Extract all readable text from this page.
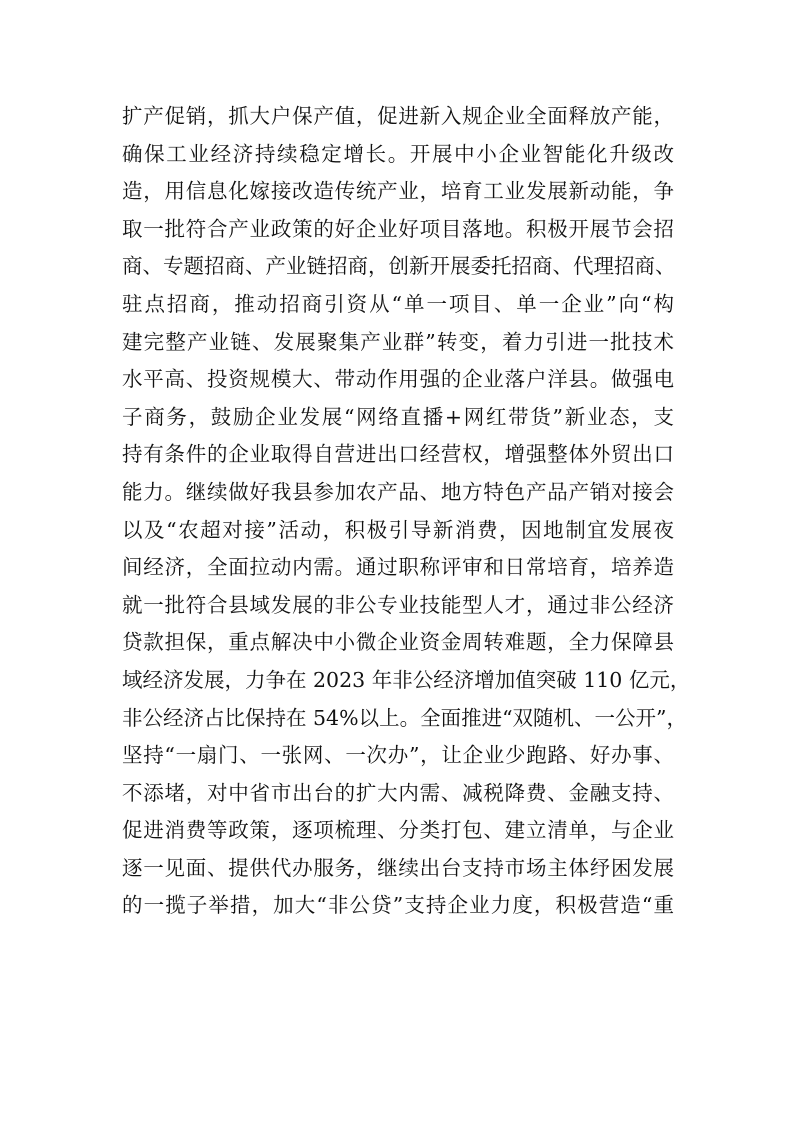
扩产促销，抓大户保产值，促进新入规企业全面释放产能，
确保工业经济持续稳定增长。开展中小企业智能化升级改
造，用信息化嫁接改造传统产业，培育工业发展新动能，争
取一批符合产业政策的好企业好项目落地。积极开展节会招
商、专题招商、产业链招商，创新开展委托招商、代理招商、
驻点招商，推动招商引资从“单一项目、单一企业”向“构
建完整产业链、发展聚集产业群”转变，着力引进一批技术
水平高、投资规模大、带动作用强的企业落户洋县。做强电
子商务，鼓励企业发展“网络直播+网红带货”新业态，支
持有条件的企业取得自营进出口经营权，增强整体外贸出口
能力。继续做好我县参加农产品、地方特色产品产销对接会
以及“农超对接”活动，积极引导新消费，因地制宜发展夜
间经济，全面拉动内需。通过职称评审和日常培育，培养造
就一批符合县域发展的非公专业技能型人才，通过非公经济
贷款担保，重点解决中小微企业资金周转难题，全力保障县
域经济发展，力争在 2023 年非公经济增加值突破 110 亿元，
非公经济占比保持在 54%以上。全面推进“双随机、一公开”，
坚持“一扇门、一张网、一次办”，让企业少跑路、好办事、
不添堵，对中省市出台的扩大内需、减税降费、金融支持、
促进消费等政策，逐项梳理、分类打包、建立清单，与企业
逐一见面、提供代办服务，继续出台支持市场主体纾困发展
的一揽子举措，加大“非公贷”支持企业力度，积极营造“重
